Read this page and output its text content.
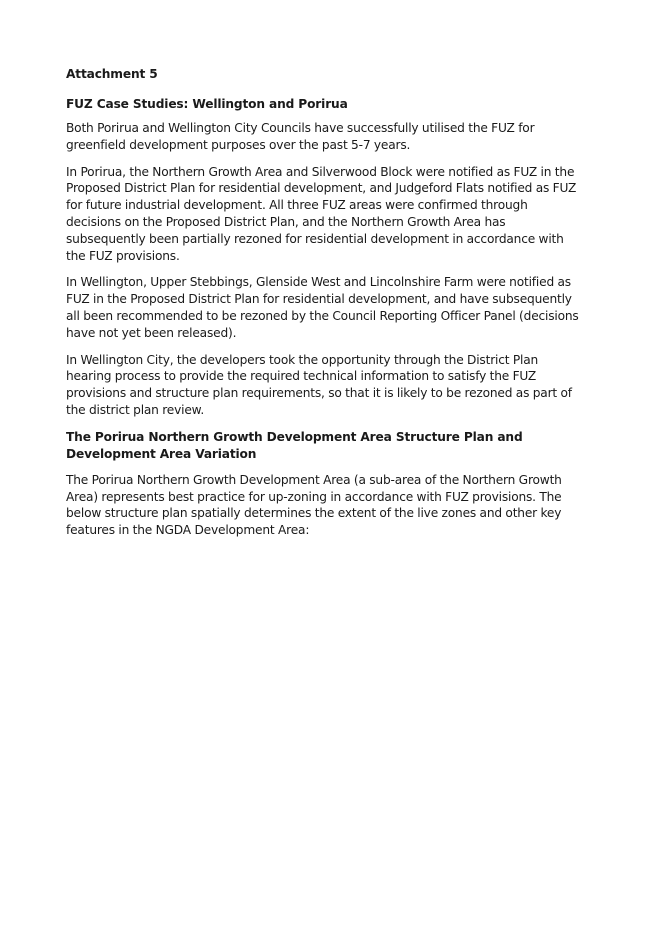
Attachment 5

FUZ Case Studies: Wellington and Porirua

Both Porirua and Wellington City Councils have successfully utilised the FUZ for greenfield development purposes over the past 5-7 years.

In Porirua, the Northern Growth Area and Silverwood Block were notified as FUZ in the Proposed District Plan for residential development, and Judgeford Flats notified as FUZ for future industrial development. All three FUZ areas were confirmed through decisions on the Proposed District Plan, and the Northern Growth Area has subsequently been partially rezoned for residential development in accordance with the FUZ provisions.

In Wellington, Upper Stebbings, Glenside West and Lincolnshire Farm were notified as FUZ in the Proposed District Plan for residential development, and have subsequently all been recommended to be rezoned by the Council Reporting Officer Panel (decisions have not yet been released).

In Wellington City, the developers took the opportunity through the District Plan hearing process to provide the required technical information to satisfy the FUZ provisions and structure plan requirements, so that it is likely to be rezoned as part of the district plan review.

The Porirua Northern Growth Development Area Structure Plan and Development Area Variation

The Porirua Northern Growth Development Area (a sub-area of the Northern Growth Area) represents best practice for up-zoning in accordance with FUZ provisions. The below structure plan spatially determines the extent of the live zones and other key features in the NGDA Development Area:
